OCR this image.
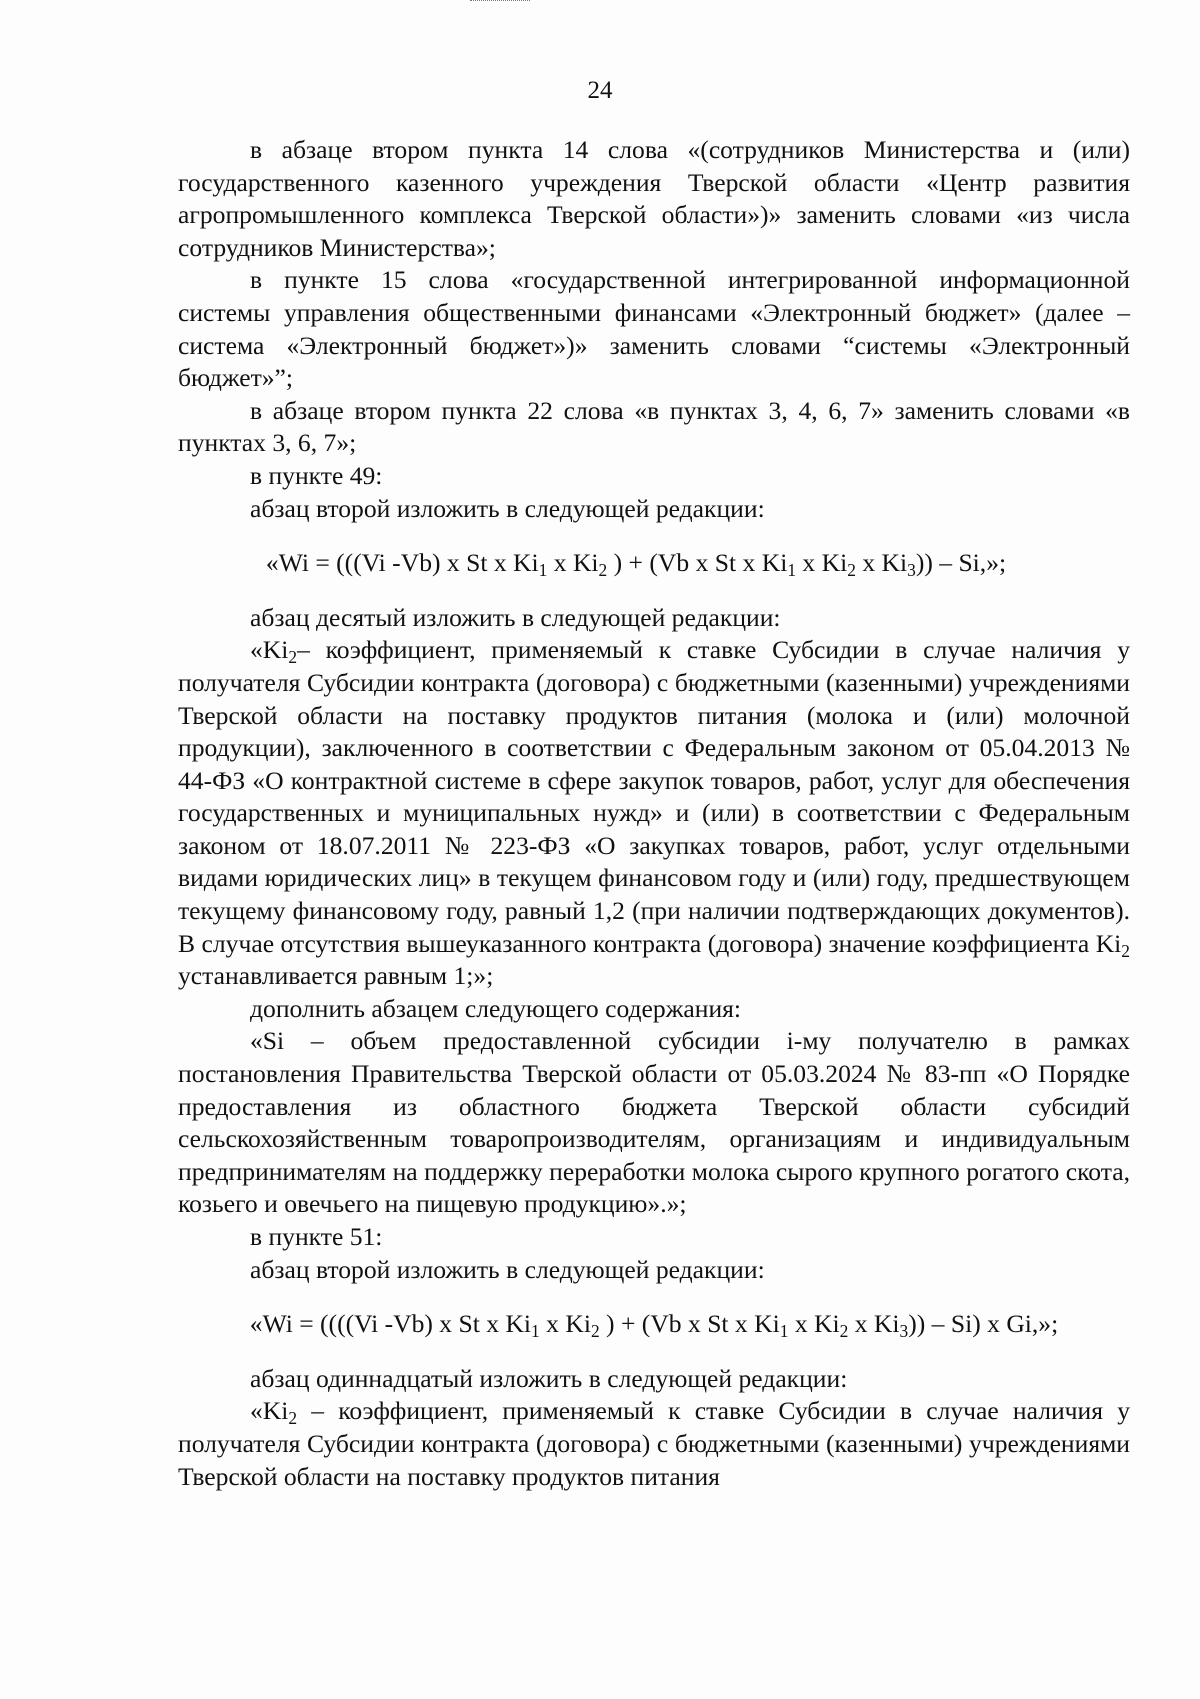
24

в абзаце втором пункта 14 слова «(сотрудников Министерства и (или) государственного казенного учреждения Тверской области «Центр развития агропромышленного комплекса Тверской области»)» заменить словами «из числа сотрудников Министерства»;

в пункте 15 слова «государственной интегрированной информационной системы управления общественными финансами «Электронный бюджет» (далее – система «Электронный бюджет»)» заменить словами “системы «Электронный бюджет»”;

в абзаце втором пункта 22 слова «в пунктах 3, 4, 6, 7» заменить словами «в пунктах 3, 6, 7»;

в пункте 49:

абзац второй изложить в следующей редакции:

«Wi = (((Vi -Vb) x St x $Ki_1$ x $Ki_2$ ) + (Vb x St x $Ki_1$ x $Ki_2$ x $Ki_3$)) – Si,»;

абзац десятый изложить в следующей редакции:

«$Ki_2-$ коэффициент, применяемый к ставке Субсидии в случае наличия у получателя Субсидии контракта (договора) с бюджетными (казенными) учреждениями Тверской области на поставку продуктов питания (молока и (или) молочной продукции), заключенного в соответствии с Федеральным законом от 05.04.2013 № 44-ФЗ «О контрактной системе в сфере закупок товаров, работ, услуг для обеспечения государственных и муниципальных нужд» и (или) в соответствии с Федеральным законом от 18.07.2011 № 223-ФЗ «О закупках товаров, работ, услуг отдельными видами юридических лиц» в текущем финансовом году и (или) году, предшествующем текущему финансовому году, равный 1,2 (при наличии подтверждающих документов). В случае отсутствия вышеуказанного контракта (договора) значение коэффициента $Ki_2$ устанавливается равным 1;»;

дополнить абзацем следующего содержания:

«Si – объем предоставленной субсидии i-му получателю в рамках постановления Правительства Тверской области от 05.03.2024 № 83-пп «О Порядке предоставления из областного бюджета Тверской области субсидий сельскохозяйственным товаропроизводителям, организациям и индивидуальным предпринимателям на поддержку переработки молока сырого крупного рогатого скота, козьего и овечьего на пищевую продукцию».»;

в пункте 51:

абзац второй изложить в следующей редакции:

«Wi = ((((Vi -Vb) x St x $Ki_1$ x $Ki_2$ ) + (Vb x St x $Ki_1$ x $Ki_2$ x $Ki_3)) - Si$) x Gi,»;

абзац одиннадцатый изложить в следующей редакции:

«$Ki_2$ – коэффициент, применяемый к ставке Субсидии в случае наличия у получателя Субсидии контракта (договора) с бюджетными (казенными) учреждениями Тверской области на поставку продуктов питания
